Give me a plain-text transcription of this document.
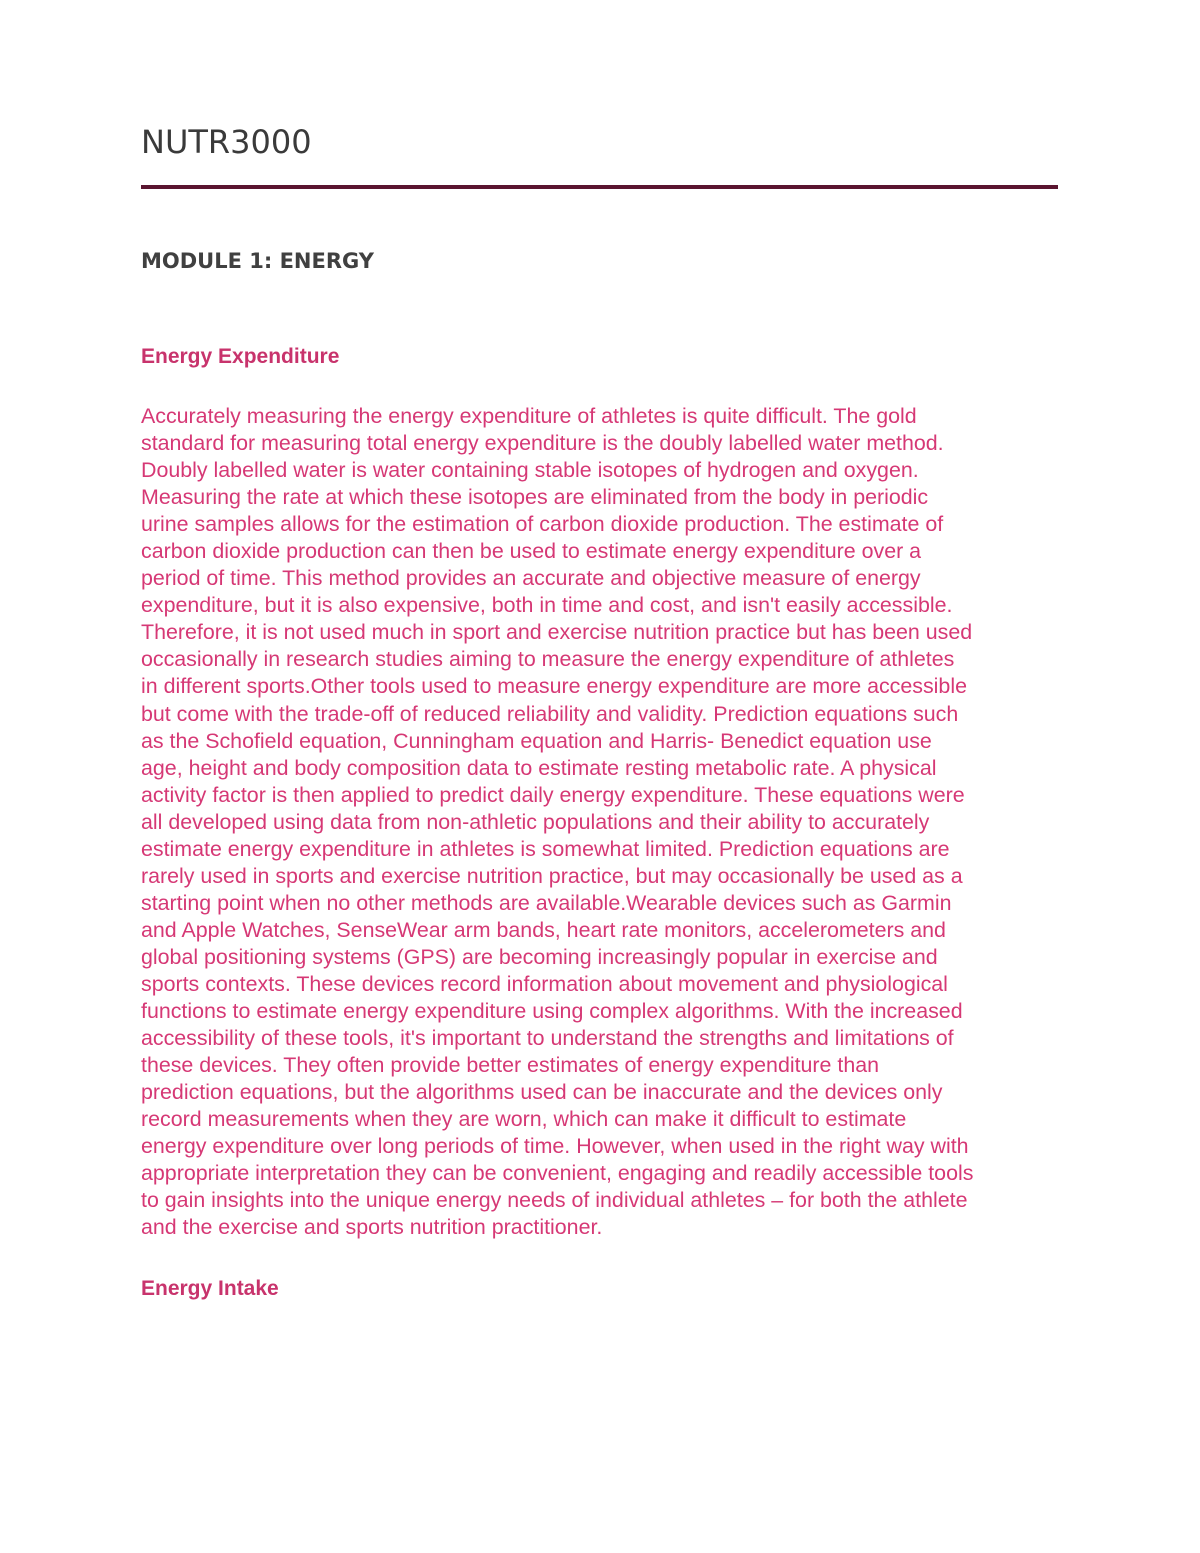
NUTR3000
MODULE 1: ENERGY
Energy Expenditure

Accurately measuring the energy expenditure of athletes is quite difficult. The gold
standard for measuring total energy expenditure is the doubly labelled water method.
Doubly labelled water is water containing stable isotopes of hydrogen and oxygen.
Measuring the rate at which these isotopes are eliminated from the body in periodic
urine samples allows for the estimation of carbon dioxide production. The estimate of
carbon dioxide production can then be used to estimate energy expenditure over a
period of time. This method provides an accurate and objective measure of energy
expenditure, but it is also expensive, both in time and cost, and isn't easily accessible.
Therefore, it is not used much in sport and exercise nutrition practice but has been used
occasionally in research studies aiming to measure the energy expenditure of athletes
in different sports.Other tools used to measure energy expenditure are more accessible
but come with the trade-off of reduced reliability and validity. Prediction equations such
as the Schofield equation, Cunningham equation and Harris- Benedict equation use
age, height and body composition data to estimate resting metabolic rate. A physical
activity factor is then applied to predict daily energy expenditure. These equations were
all developed using data from non-athletic populations and their ability to accurately
estimate energy expenditure in athletes is somewhat limited. Prediction equations are
rarely used in sports and exercise nutrition practice, but may occasionally be used as a
starting point when no other methods are available.Wearable devices such as Garmin
and Apple Watches, SenseWear arm bands, heart rate monitors, accelerometers and
global positioning systems (GPS) are becoming increasingly popular in exercise and
sports contexts. These devices record information about movement and physiological
functions to estimate energy expenditure using complex algorithms. With the increased
accessibility of these tools, it's important to understand the strengths and limitations of
these devices. They often provide better estimates of energy expenditure than
prediction equations, but the algorithms used can be inaccurate and the devices only
record measurements when they are worn, which can make it difficult to estimate
energy expenditure over long periods of time. However, when used in the right way with
appropriate interpretation they can be convenient, engaging and readily accessible tools
to gain insights into the unique energy needs of individual athletes – for both the athlete
and the exercise and sports nutrition practitioner.

Energy Intake
